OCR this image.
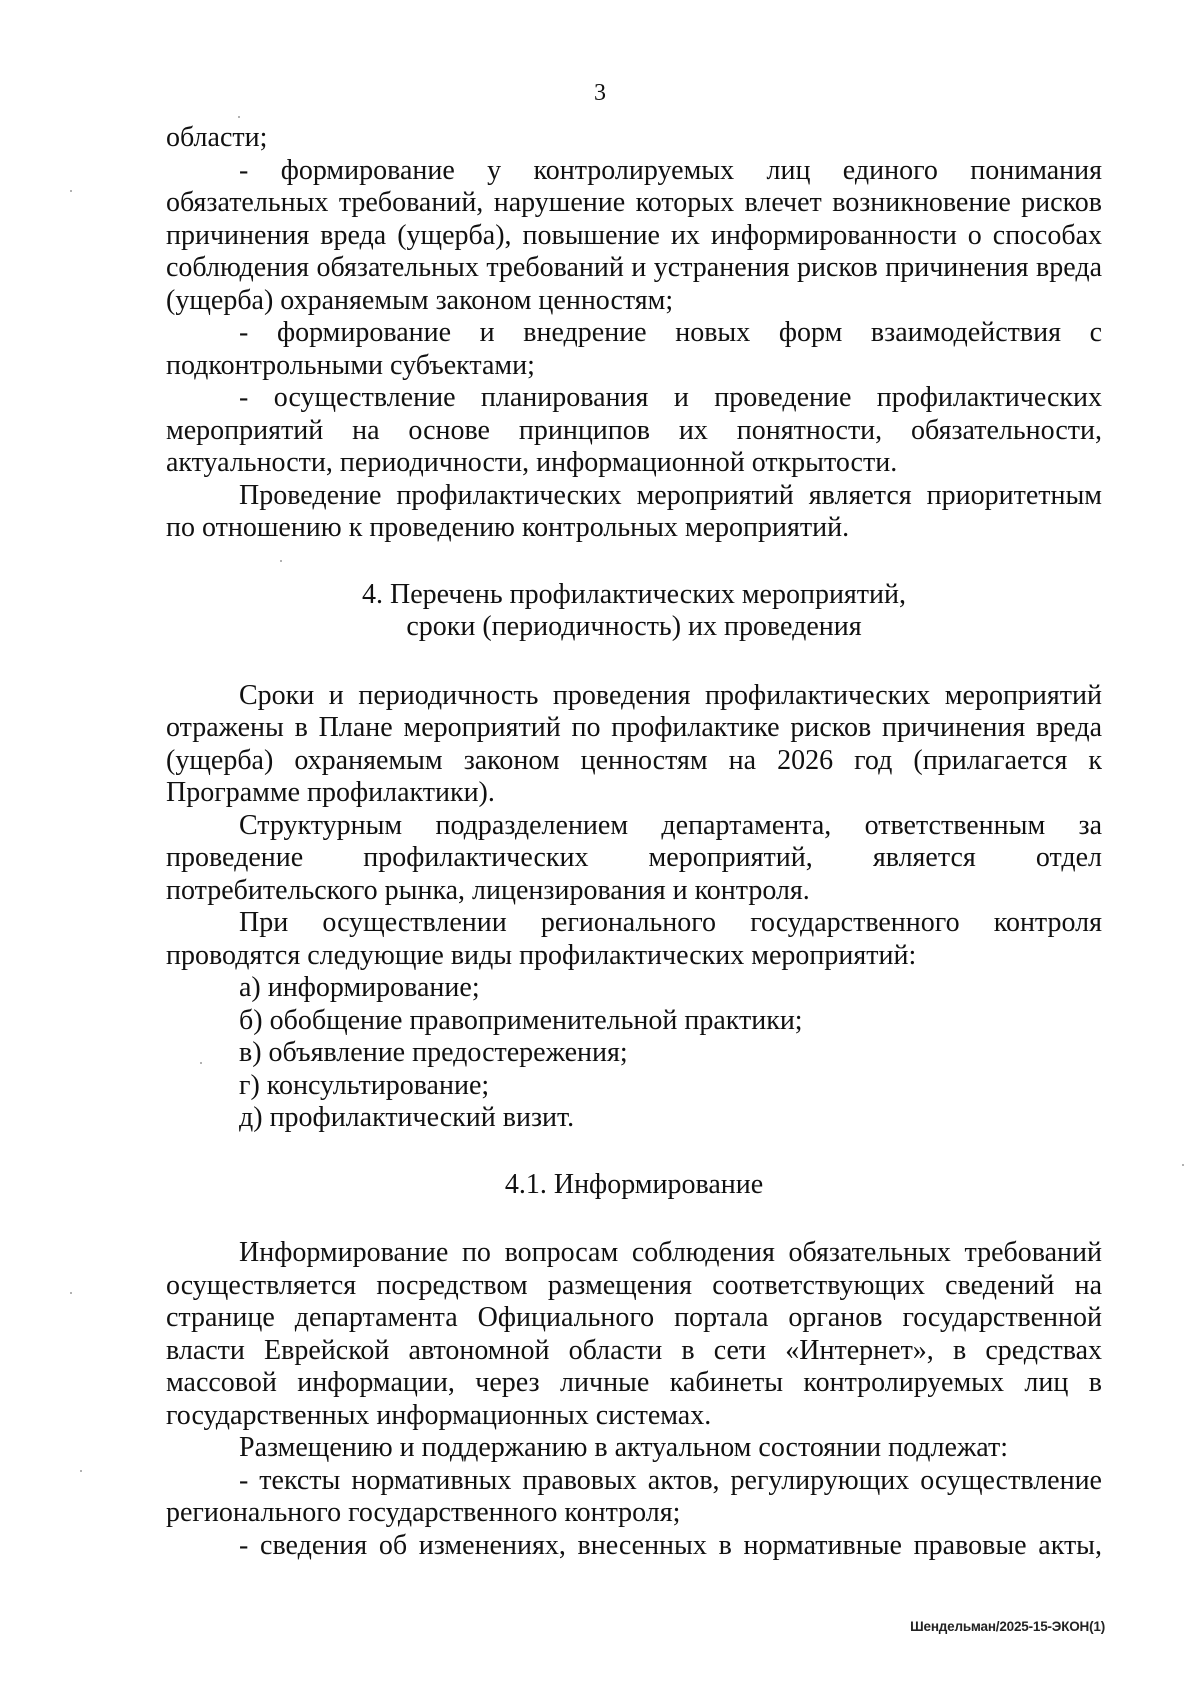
3

области;

- формирование у контролируемых лиц единого понимания обязательных требований, нарушение которых влечет возникновение рисков причинения вреда (ущерба), повышение их информированности о способах соблюдения обязательных требований и устранения рисков причинения вреда (ущерба) охраняемым законом ценностям;

- формирование и внедрение новых форм взаимодействия с подконтрольными субъектами;

- осуществление планирования и проведение профилактических мероприятий на основе принципов их понятности, обязательности, актуальности, периодичности, информационной открытости.

Проведение профилактических мероприятий является приоритетным по отношению к проведению контрольных мероприятий.

4. Перечень профилактических мероприятий,

сроки (периодичность) их проведения

Сроки и периодичность проведения профилактических мероприятий отражены в Плане мероприятий по профилактике рисков причинения вреда (ущерба) охраняемым законом ценностям на 2026 год (прилагается к Программе профилактики).

Структурным подразделением департамента, ответственным за проведение профилактических мероприятий, является отдел потребительского рынка, лицензирования и контроля.

При осуществлении регионального государственного контроля проводятся следующие виды профилактических мероприятий:

а) информирование;
б) обобщение правоприменительной практики;
в) объявление предостережения;
г) консультирование;
д) профилактический визит.

4.1. Информирование

Информирование по вопросам соблюдения обязательных требований осуществляется посредством размещения соответствующих сведений на странице департамента Официального портала органов государственной власти Еврейской автономной области в сети «Интернет», в средствах массовой информации, через личные кабинеты контролируемых лиц в государственных информационных системах.

Размещению и поддержанию в актуальном состоянии подлежат:

- тексты нормативных правовых актов, регулирующих осуществление регионального государственного контроля;

- сведения об изменениях, внесенных в нормативные правовые акты,

Шендельман/2025-15-ЭКОН(1)
